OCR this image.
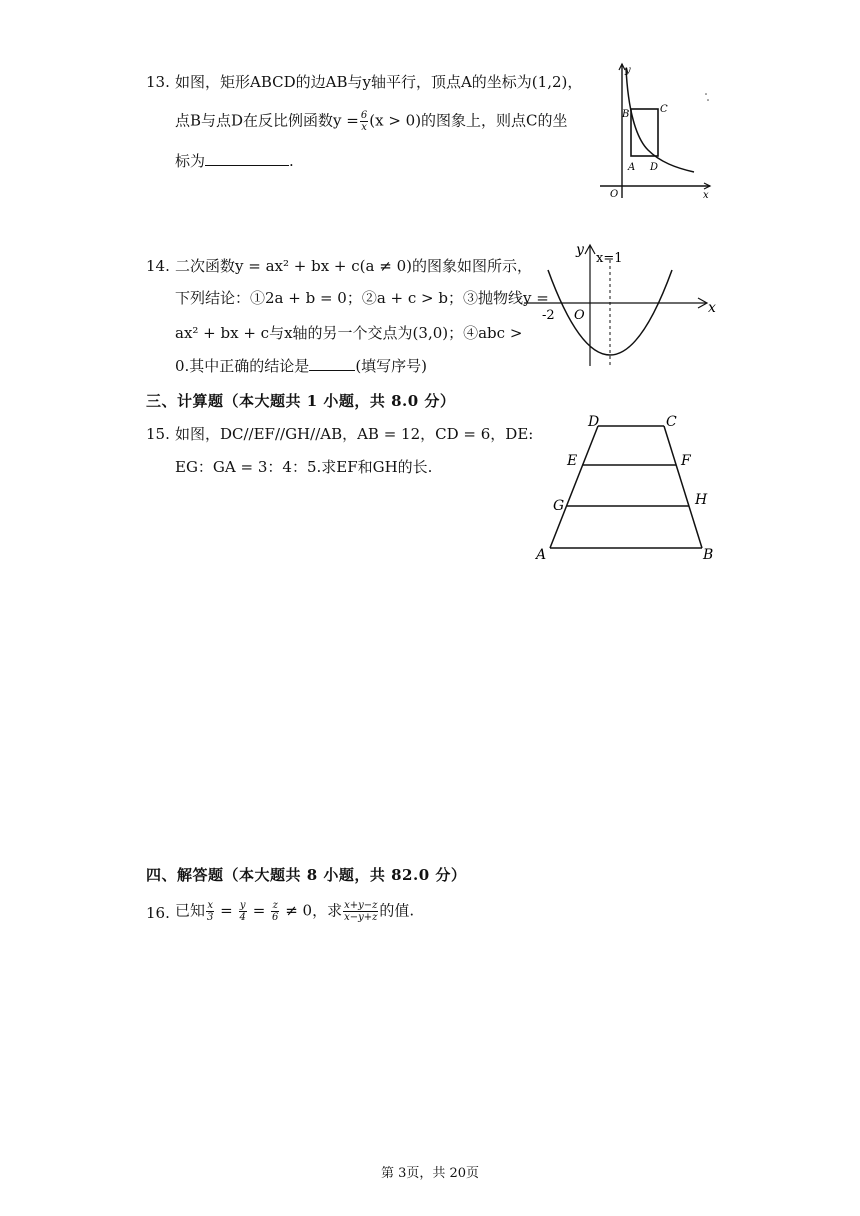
13. 如图，矩形ABCD的边AB与y轴平行，顶点A的坐标为(1,2)，
点B与点D在反比例函数$y = \frac{6}{x} (x > 0)$的图象上，则点C的坐
标为	.
y
B	C
A D
O	x
14. 二次函数y = ax² + bx + c(a ≠ 0)的图象如图所示，
下列结论：①2a + b = 0；②a + c > b；③抛物线y =
ax² + bx + c与x轴的另一个交点为(3,0)；④abc >
0.其中正确的结论是	(填写序号)
y
x=1
x
-2 O
三、计算题（本大题共 1 小题，共 8.0 分）
15. 如图，DC//EF//GH//AB，AB = 12，CD = 6，DE:
EG：GA = 3：4：5.求EF和GH的长.
D	C
E	F
G	H
A	B
四、解答题（本大题共 8 小题，共 82.0 分）
16. 已知 $\frac{x}{3} = \frac{y}{4} = \frac{z}{6} \ne 0$，求 $\frac{x+y-z}{x-y+z}$ 的值.
第 3页，共 20页
